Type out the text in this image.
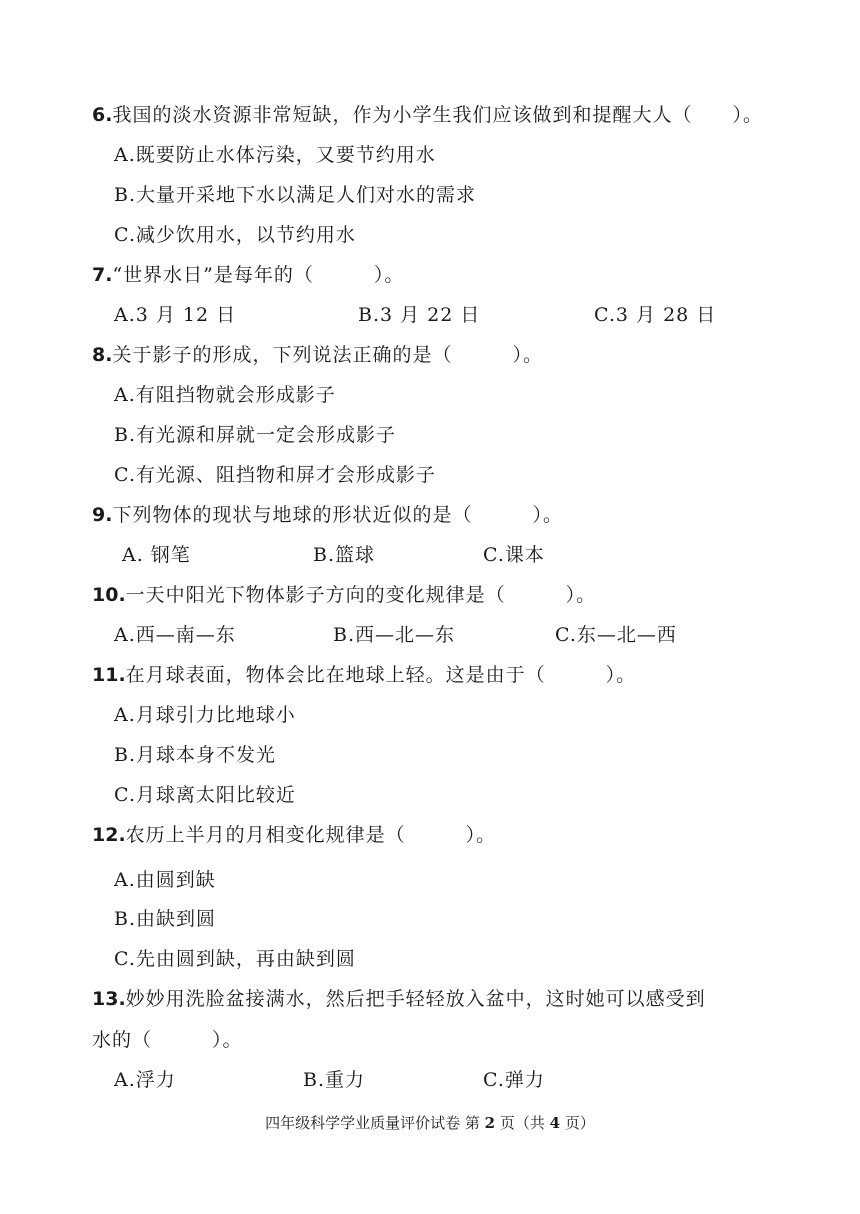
6.我国的淡水资源非常短缺，作为小学生我们应该做到和提醒大人（　　）。
A.既要防止水体污染，又要节约用水
B.大量开采地下水以满足人们对水的需求
C.减少饮用水，以节约用水
7.“世界水日”是每年的（　　　）。
A.3 月 12 日	B.3 月 22 日	C.3 月 28 日
8.关于影子的形成，下列说法正确的是（　　　）。
A.有阻挡物就会形成影子
B.有光源和屏就一定会形成影子
C.有光源、阻挡物和屏才会形成影子
9.下列物体的现状与地球的形状近似的是（　　　）。
A. 钢笔	B.篮球	C.课本
10.一天中阳光下物体影子方向的变化规律是（　　　）。
A.西—南—东	B.西—北—东	C.东—北—西
11.在月球表面，物体会比在地球上轻。这是由于（　　　）。
A.月球引力比地球小
B.月球本身不发光
C.月球离太阳比较近
12.农历上半月的月相变化规律是（　　　）。
A.由圆到缺
B.由缺到圆
C.先由圆到缺，再由缺到圆
13.妙妙用洗脸盆接满水，然后把手轻轻放入盆中，这时她可以感受到
水的（　　　）。
A.浮力	B.重力	C.弹力
四年级科学学业质量评价试卷 第 2 页（共 4 页）
